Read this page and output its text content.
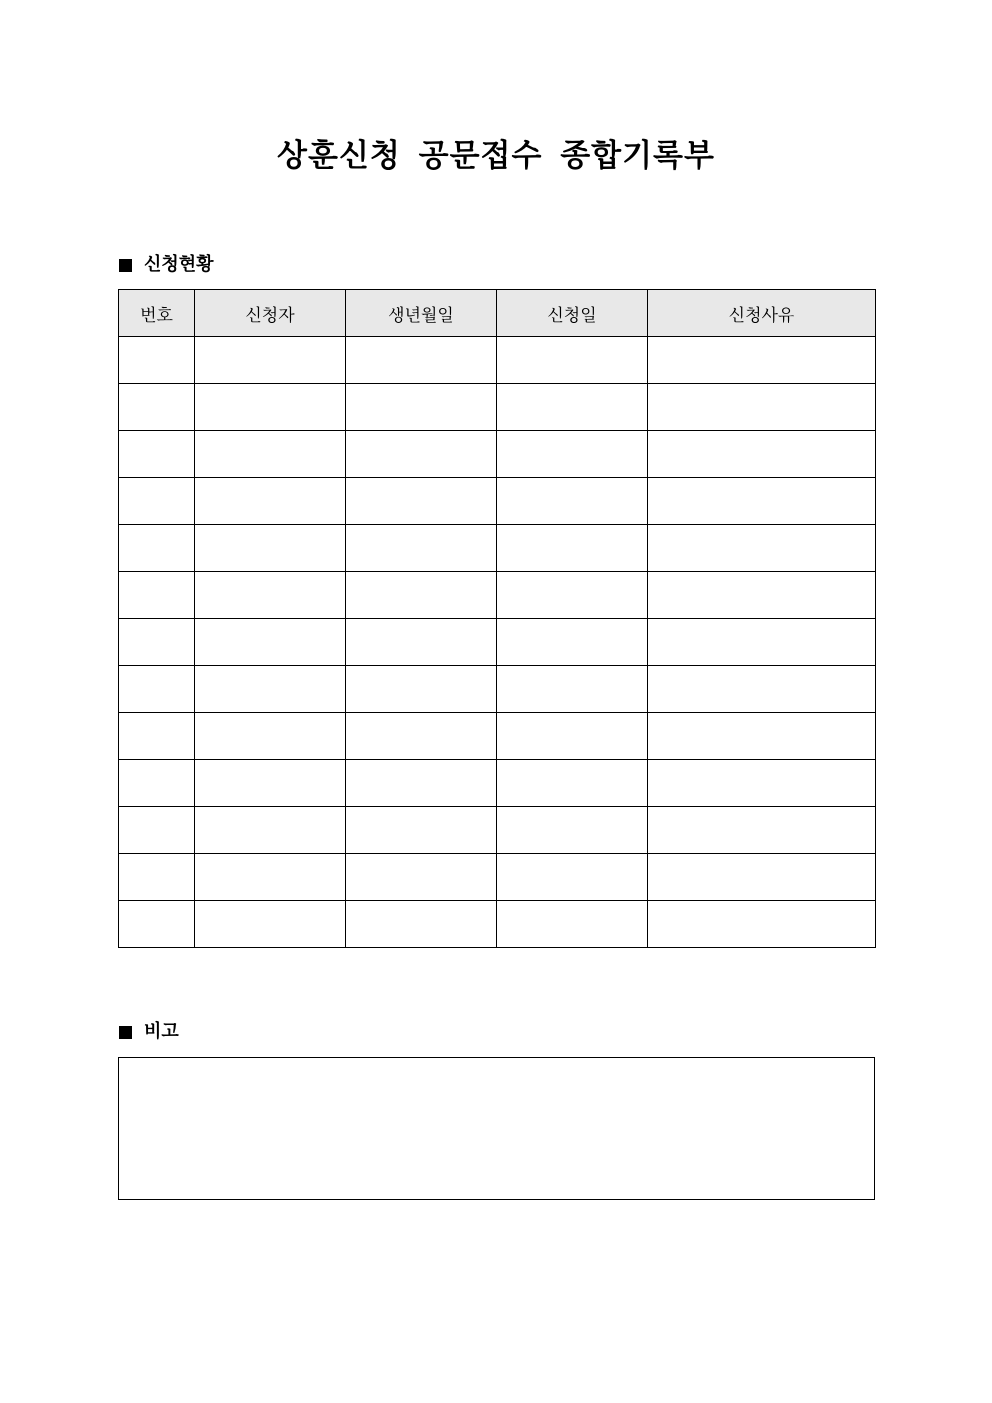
상훈신청 공문접수 종합기록부
신청현황
번호	신청자	생년월일	신청일	신청사유

비고
